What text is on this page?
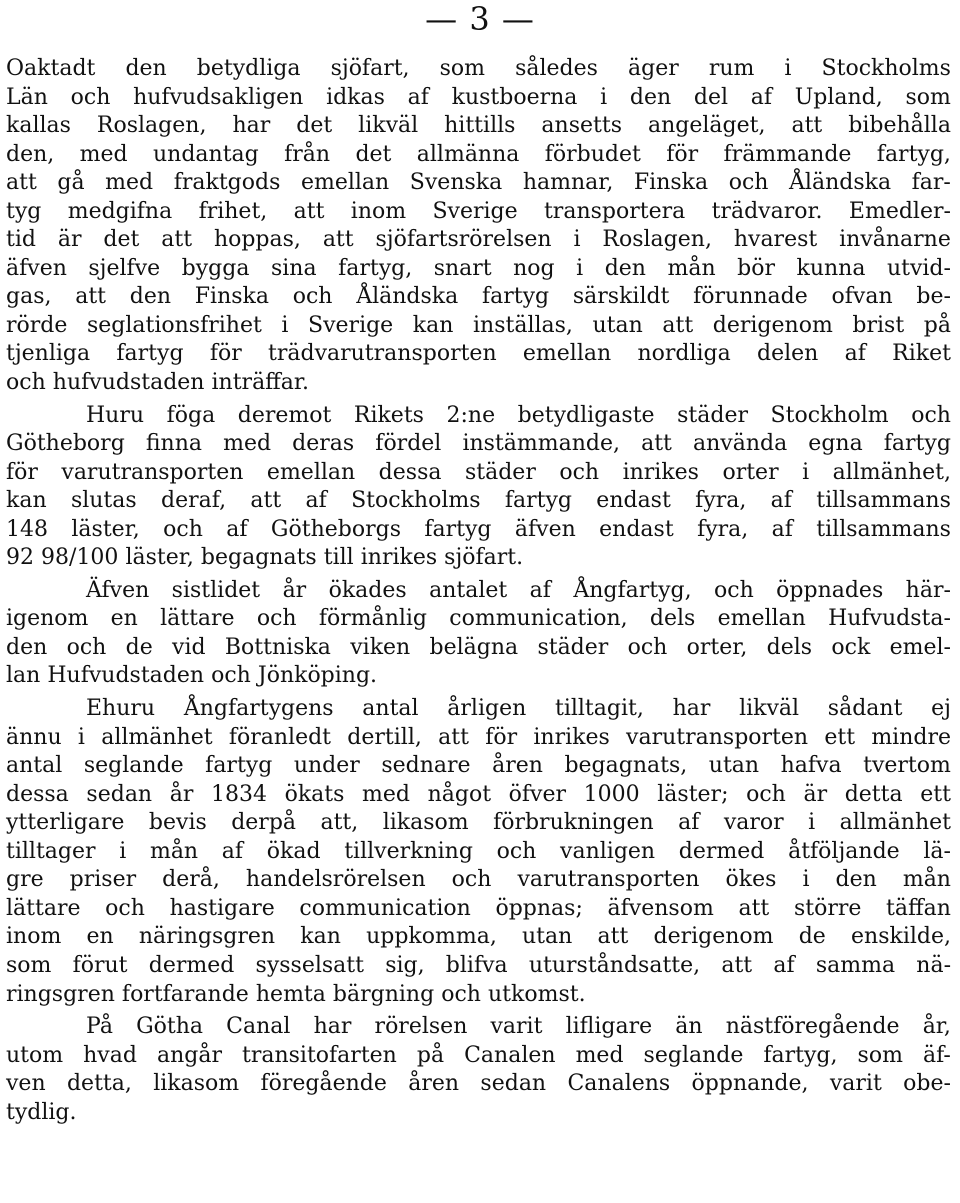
— 3 —
Oaktadt den betydliga sjöfart, som således äger rum i Stockholms
Län och hufvudsakligen idkas af kustboerna i den del af Upland, som
kallas Roslagen, har det likväl hittills ansetts angeläget, att bibehålla
den, med undantag från det allmänna förbudet för främmande fartyg,
att gå med fraktgods emellan Svenska hamnar, Finska och Åländska far-
tyg medgifna frihet, att inom Sverige transportera trädvaror. Emedler-
tid är det att hoppas, att sjöfartsrörelsen i Roslagen, hvarest invånarne
äfven sjelfve bygga sina fartyg, snart nog i den mån bör kunna utvid-
gas, att den Finska och Åländska fartyg särskildt förunnade ofvan be-
rörde seglationsfrihet i Sverige kan inställas, utan att derigenom brist på
tjenliga fartyg för trädvarutransporten emellan nordliga delen af Riket
och hufvudstaden inträffar.
Huru föga deremot Rikets 2:ne betydligaste städer Stockholm och
Götheborg finna med deras fördel instämmande, att använda egna fartyg
för varutransporten emellan dessa städer och inrikes orter i allmänhet,
kan slutas deraf, att af Stockholms fartyg endast fyra, af tillsammans
148 läster, och af Götheborgs fartyg äfven endast fyra, af tillsammans
92 98/100 läster, begagnats till inrikes sjöfart.
Äfven sistlidet år ökades antalet af Ångfartyg, och öppnades här-
igenom en lättare och förmånlig communication, dels emellan Hufvudsta-
den och de vid Bottniska viken belägna städer och orter, dels ock emel-
lan Hufvudstaden och Jönköping.
Ehuru Ångfartygens antal årligen tilltagit, har likväl sådant ej
ännu i allmänhet föranledt dertill, att för inrikes varutransporten ett mindre
antal seglande fartyg under sednare åren begagnats, utan hafva tvertom
dessa sedan år 1834 ökats med något öfver 1000 läster; och är detta ett
ytterligare bevis derpå att, likasom förbrukningen af varor i allmänhet
tilltager i mån af ökad tillverkning och vanligen dermed åtföljande lä-
gre priser derå, handelsrörelsen och varutransporten ökes i den mån
lättare och hastigare communication öppnas; äfvensom att större täffan
inom en näringsgren kan uppkomma, utan att derigenom de enskilde,
som förut dermed sysselsatt sig, blifva uturståndsatte, att af samma nä-
ringsgren fortfarande hemta bärgning och utkomst.
På Götha Canal har rörelsen varit lifligare än nästföregående år,
utom hvad angår transitofarten på Canalen med seglande fartyg, som äf-
ven detta, likasom föregående åren sedan Canalens öppnande, varit obe-
tydlig.
